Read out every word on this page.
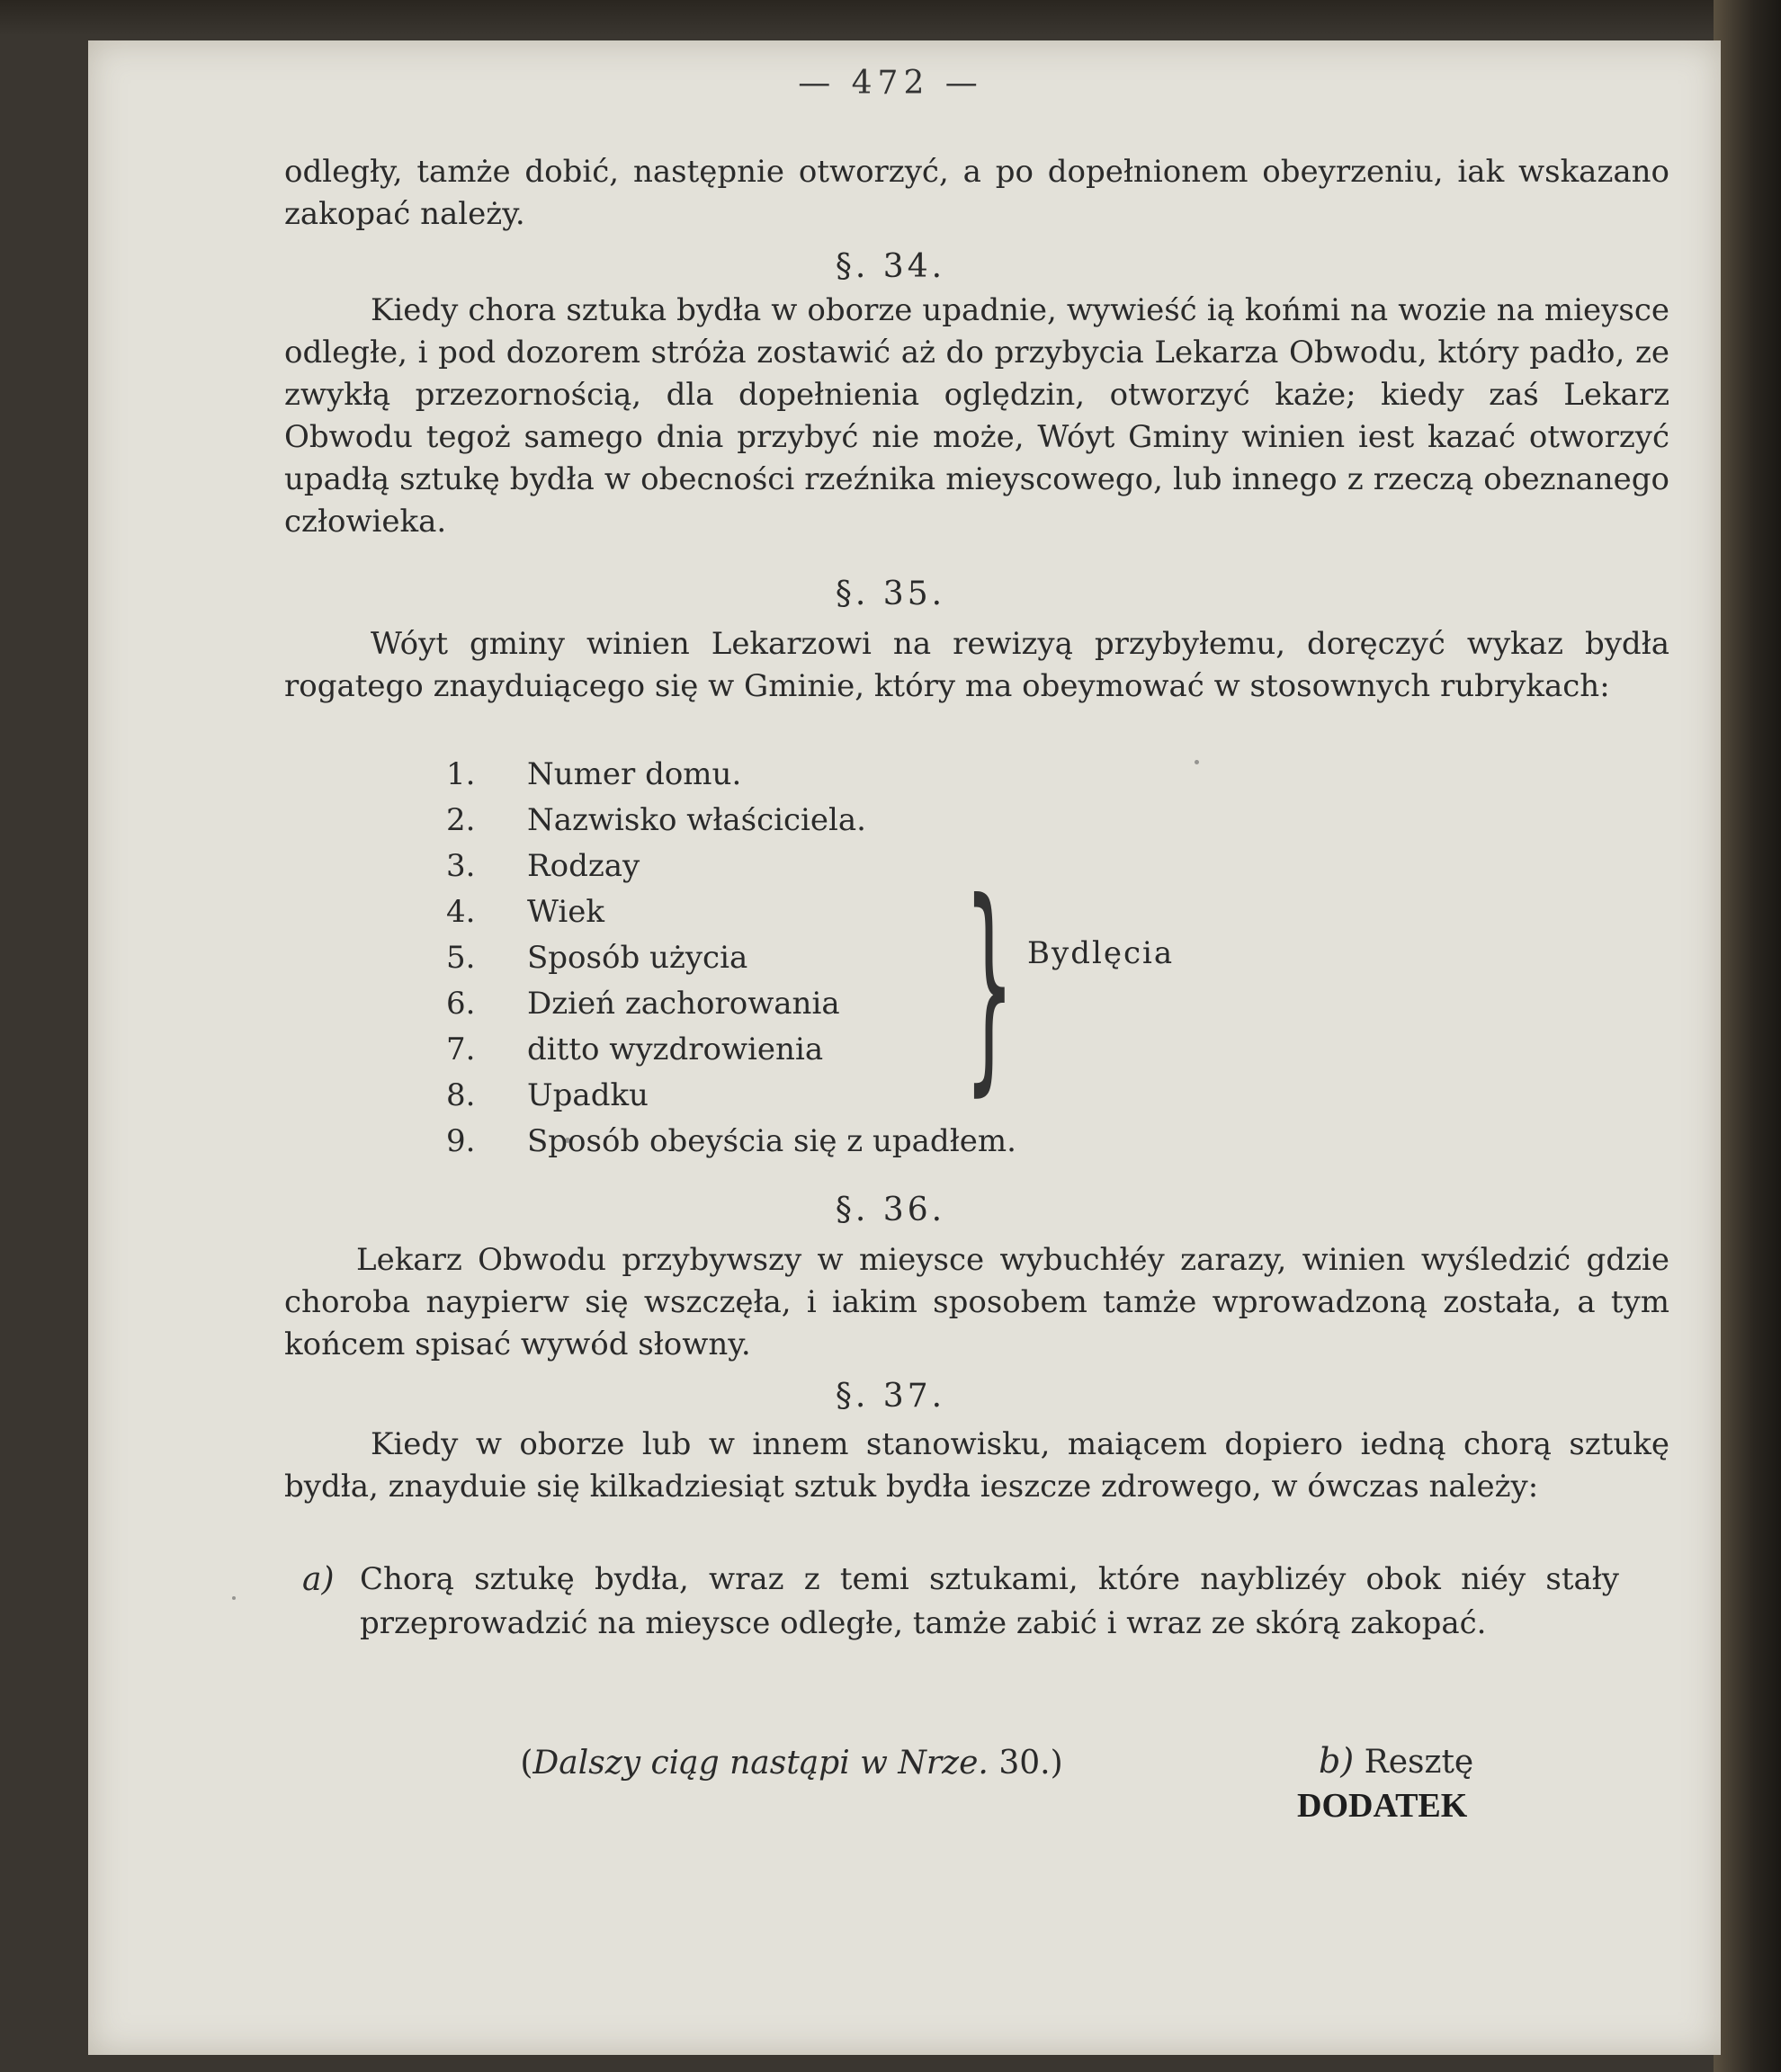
— 472 —
odległy, tamże dobić, następnie otworzyć, a po dopełnionem obeyrzeniu, iak wskazano zakopać należy.
§. 34.
Kiedy chora sztuka bydła w oborze upadnie, wywieść ią końmi na wozie na mieysce odległe, i pod dozorem stróża zostawić aż do przybycia Lekarza Obwodu, który padło, ze zwykłą przezornością, dla dopełnienia oględzin, otworzyć każe; kiedy zaś Lekarz Obwodu tegoż samego dnia przybyć nie może, Wóyt Gminy winien iest kazać otworzyć upadłą sztukę bydła w obecności rzeźnika mieyscowego, lub innego z rzeczą obeznanego człowieka.
§. 35.
Wóyt gminy winien Lekarzowi na rewizyą przybyłemu, doręczyć wykaz bydła rogatego znayduiącego się w Gminie, który ma obeymować w stosownych rubrykach:
1. Numer domu.
2. Nazwisko właściciela.
3. Rodzay
4. Wiek
5. Sposób użycia
6. Dzień zachorowania
7. ditto wyzdrowienia
8. Upadku
9. Sposób obeyścia się z upadłem.
} Bydlęcia
§. 36.
Lekarz Obwodu przybywszy w mieysce wybuchłéy zarazy, winien wyśledzić gdzie choroba naypierw się wszczęła, i iakim sposobem tamże wprowadzoną została, a tym końcem spisać wywód słowny.
§. 37.
Kiedy w oborze lub w innem stanowisku, maiącem dopiero iedną chorą sztukę bydła, znayduie się kilkadziesiąt sztuk bydła ieszcze zdrowego, w ówczas należy:
a) Chorą sztukę bydła, wraz z temi sztukami, które nayblizéy obok niéy stały przeprowadzić na mieysce odległe, tamże zabić i wraz ze skórą zakopać.
b) Resztę
(Dalszy ciąg nastąpi w Nrze. 30.)
DODATEK
